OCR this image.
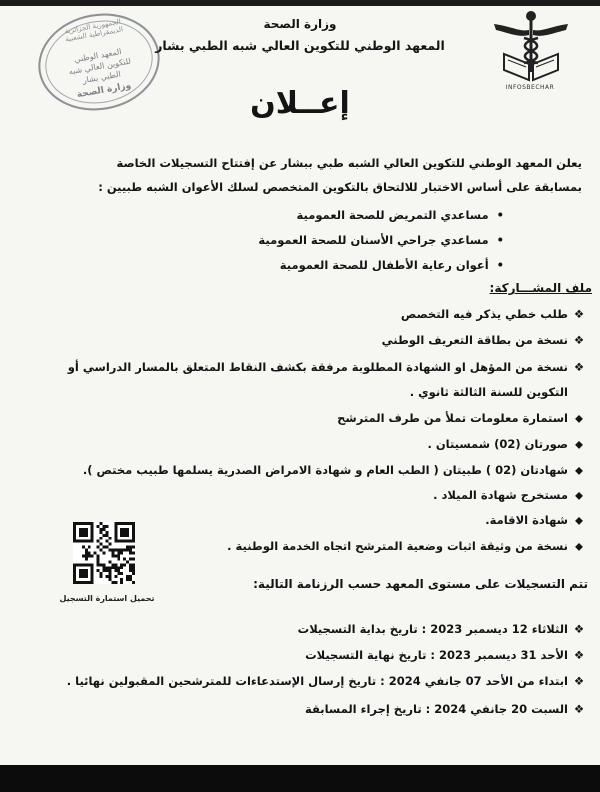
الجمهورية الجزائرية الديمقراطية الشعبية
المعهد الوطني للتكوين العالي شبه الطبي بشار
وزارة الصحة
وزارة الصحة
المعهد الوطني للتكوين العالي شبه الطبي بشار
INFOSBECHAR
إعــلان
يعلن المعهد الوطني للتكوين العالي الشبه طبي ببشار عن إفتتاح التسجيلات الخاصة
بمسابقة على أساس الاختبار للالتحاق بالتكوين المتخصص لسلك الأعوان الشبه طبيين :
• مساعدي التمريض للصحة العمومية
• مساعدي جراحي الأسنان للصحة العمومية
• أعوان رعاية الأطفال للصحة العمومية
ملف المشـــاركة:
❖طلب خطي يذكر فيه التخصص
❖نسخة من بطاقة التعريف الوطني
❖نسخة من المؤهل او الشهادة المطلوبة مرفقة بكشف النقاط المتعلق بالمسار الدراسي أو
التكوين للسنة الثالثة ثانوي .
⬥استمارة معلومات تملأ من طرف المترشح
⬥صورتان (02) شمسيتان .
⬥شهادتان (02 ) طبيتان ( الطب العام و شهادة الامراض الصدرية يسلمها طبيب مختص ).
⬥مستخرج شهادة الميلاد .
⬥شهادة الاقامة.
⬥نسخة من وثيقة اثبات وضعية المترشح اتجاه الخدمة الوطنية .
تحميل استمارة التسجيل
تتم التسجيلات على مستوى المعهد حسب الرزنامة التالية:
❖الثلاثاء 12 ديسمبر 2023 : تاريخ بداية التسجيلات
❖الأحد 31 ديسمبر 2023 : تاريخ نهاية التسجيلات
❖ابتداء من الأحد 07 جانفي 2024 : تاريخ إرسال الإستدعاءات للمترشحين المقبولين نهائيا .
❖السبت 20 جانفي 2024 : تاريخ إجراء المسابقة
